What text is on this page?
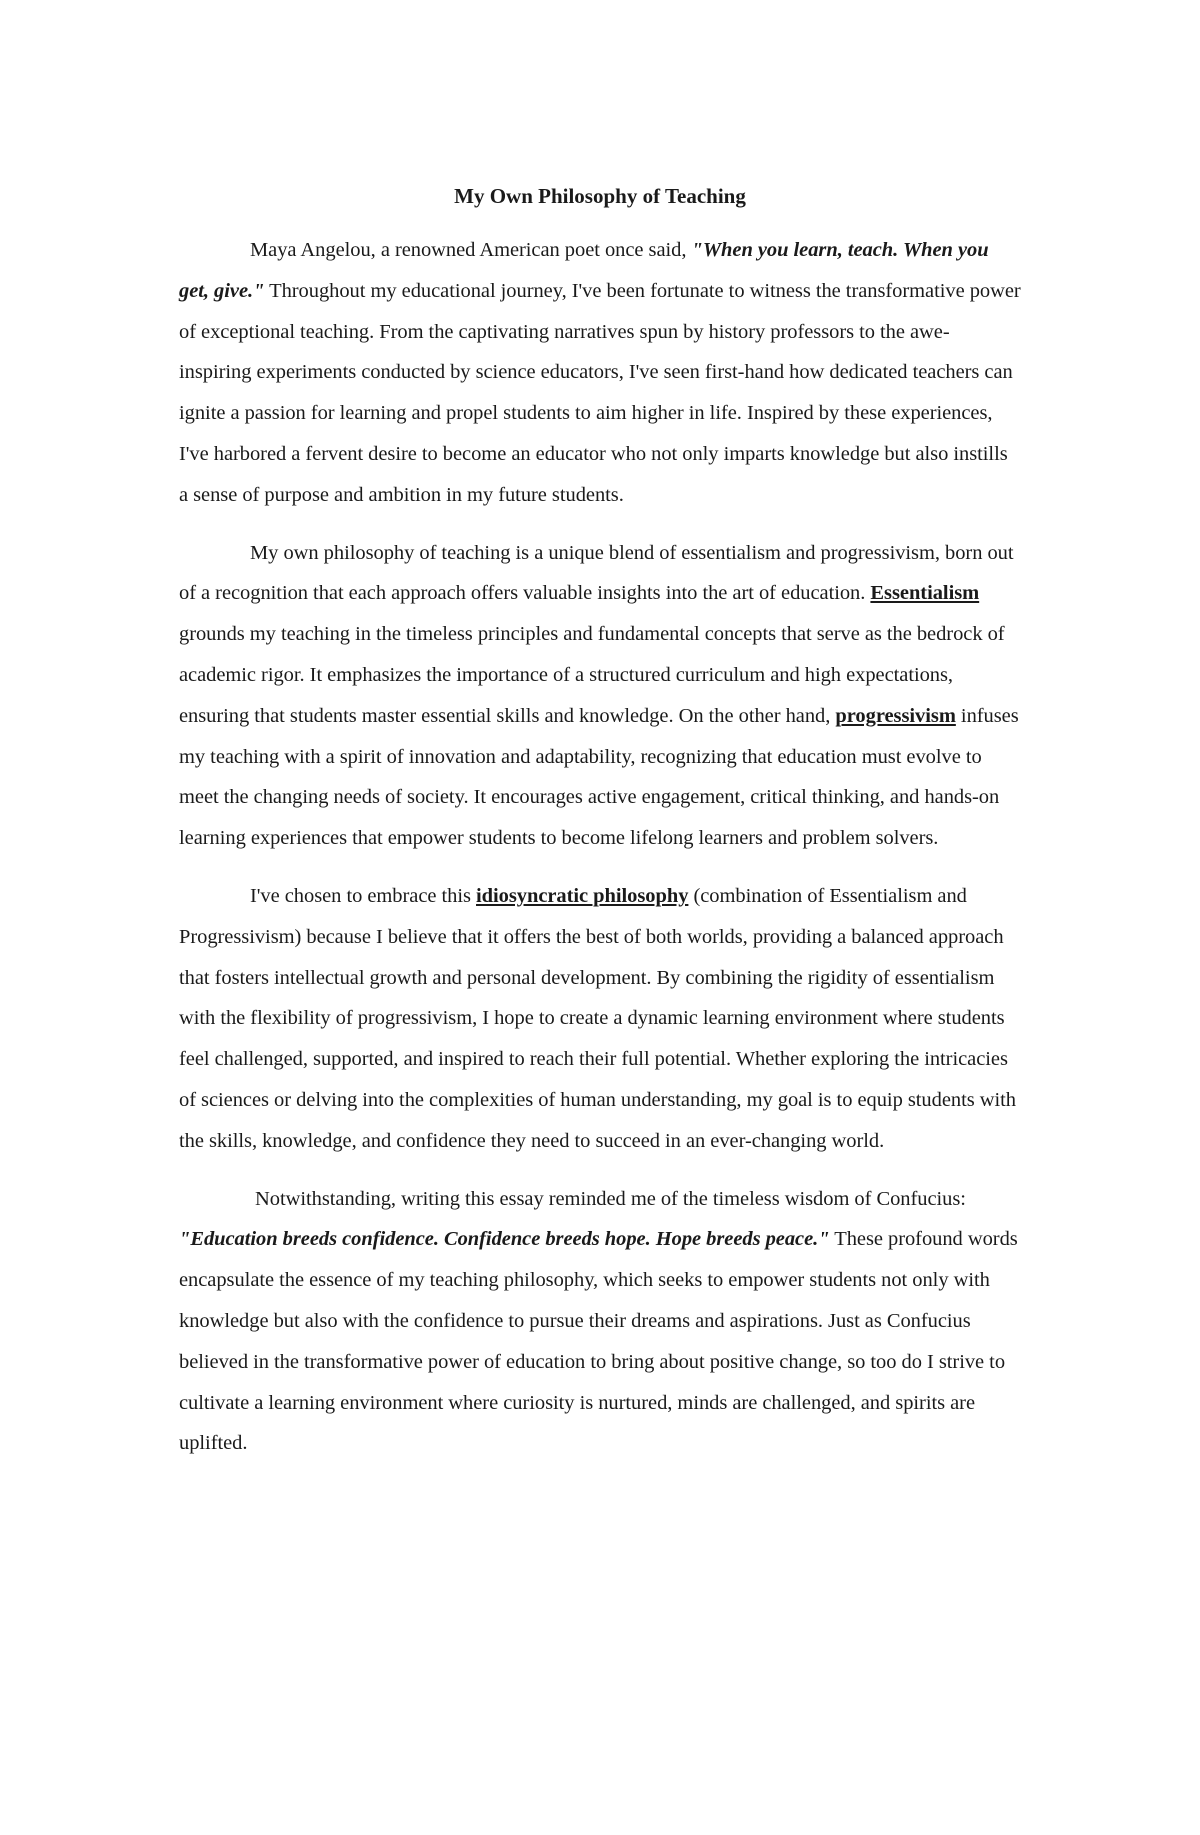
My Own Philosophy of Teaching

Maya Angelou, a renowned American poet once said, "When you learn, teach. When you get, give." Throughout my educational journey, I've been fortunate to witness the transformative power of exceptional teaching. From the captivating narratives spun by history professors to the awe-inspiring experiments conducted by science educators, I've seen first-hand how dedicated teachers can ignite a passion for learning and propel students to aim higher in life. Inspired by these experiences, I've harbored a fervent desire to become an educator who not only imparts knowledge but also instills a sense of purpose and ambition in my future students.

My own philosophy of teaching is a unique blend of essentialism and progressivism, born out of a recognition that each approach offers valuable insights into the art of education. Essentialism grounds my teaching in the timeless principles and fundamental concepts that serve as the bedrock of academic rigor. It emphasizes the importance of a structured curriculum and high expectations, ensuring that students master essential skills and knowledge. On the other hand, progressivism infuses my teaching with a spirit of innovation and adaptability, recognizing that education must evolve to meet the changing needs of society. It encourages active engagement, critical thinking, and hands-on learning experiences that empower students to become lifelong learners and problem solvers.

I've chosen to embrace this idiosyncratic philosophy (combination of Essentialism and Progressivism) because I believe that it offers the best of both worlds, providing a balanced approach that fosters intellectual growth and personal development. By combining the rigidity of essentialism with the flexibility of progressivism, I hope to create a dynamic learning environment where students feel challenged, supported, and inspired to reach their full potential. Whether exploring the intricacies of sciences or delving into the complexities of human understanding, my goal is to equip students with the skills, knowledge, and confidence they need to succeed in an ever-changing world.

Notwithstanding, writing this essay reminded me of the timeless wisdom of Confucius: "Education breeds confidence. Confidence breeds hope. Hope breeds peace." These profound words encapsulate the essence of my teaching philosophy, which seeks to empower students not only with knowledge but also with the confidence to pursue their dreams and aspirations. Just as Confucius believed in the transformative power of education to bring about positive change, so too do I strive to cultivate a learning environment where curiosity is nurtured, minds are challenged, and spirits are uplifted.
